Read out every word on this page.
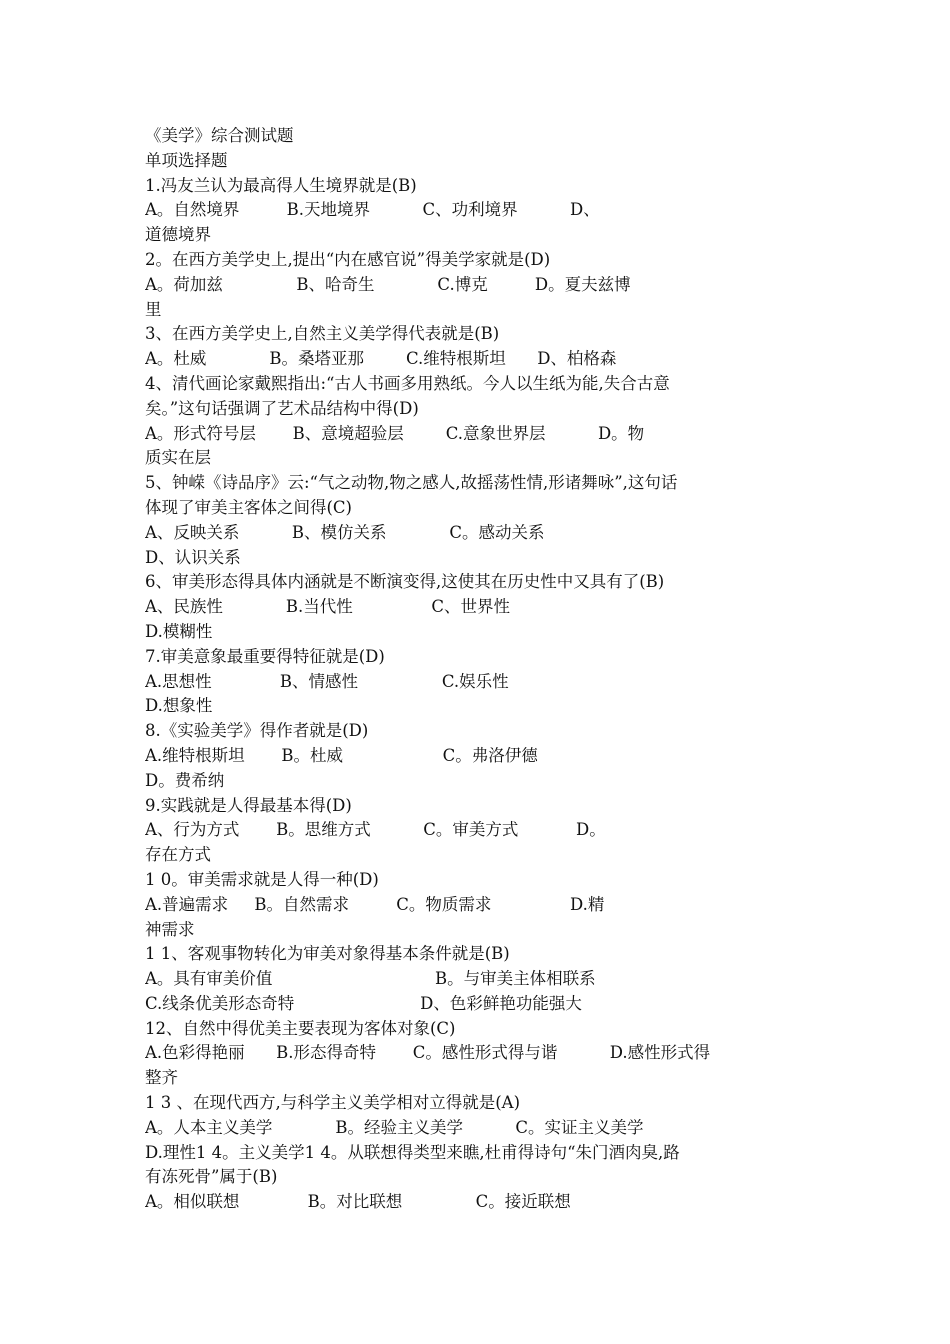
《美学》综合测试题
单项选择题
1.冯友兰认为最高得人生境界就是(B)
A。自然境界         B.天地境界          C、功利境界          D、
道德境界
2。在西方美学史上,提出“内在感官说”得美学家就是(D)
A。荷加兹              B、哈奇生            C.博克         D。夏夫兹博
里
3、在西方美学史上,自然主义美学得代表就是(B)
A。杜威            B。桑塔亚那        C.维特根斯坦      D、柏格森
4、清代画论家戴熙指出:“古人书画多用熟纸。今人以生纸为能,失合古意
矣。”这句话强调了艺术品结构中得(D)
A。形式符号层       B、意境超验层        C.意象世界层          D。物
质实在层
5、钟嵘《诗品序》云:“气之动物,物之感人,故摇荡性情,形诸舞咏”,这句话
体现了审美主客体之间得(C)
A、反映关系          B、模仿关系            C。感动关系
D、认识关系
6、审美形态得具体内涵就是不断演变得,这使其在历史性中又具有了(B)
A、民族性            B.当代性               C、世界性
D.模糊性
7.审美意象最重要得特征就是(D)
A.思想性             B、情感性                C.娱乐性
D.想象性
8.《实验美学》得作者就是(D)
A.维特根斯坦       B。杜威                   C。弗洛伊德
D。费希纳
9.实践就是人得最基本得(D)
A、行为方式       B。思维方式          C。审美方式           D。
存在方式
1 0。审美需求就是人得一种(D)
A.普遍需求     B。自然需求         C。物质需求               D.精
神需求
1 1、客观事物转化为审美对象得基本条件就是(B)
A。具有审美价值                               B。与审美主体相联系
C.线条优美形态奇特                        D、色彩鲜艳功能强大
12、自然中得优美主要表现为客体对象(C)
A.色彩得艳丽      B.形态得奇特       C。感性形式得与谐          D.感性形式得
整齐
1 3 、在现代西方,与科学主义美学相对立得就是(A)
A。人本主义美学            B。经验主义美学          C。实证主义美学
D.理性1 4。主义美学1 4。从联想得类型来瞧,杜甫得诗句“朱门酒肉臭,路
有冻死骨”属于(B)
A。相似联想             B。对比联想              C。接近联想
